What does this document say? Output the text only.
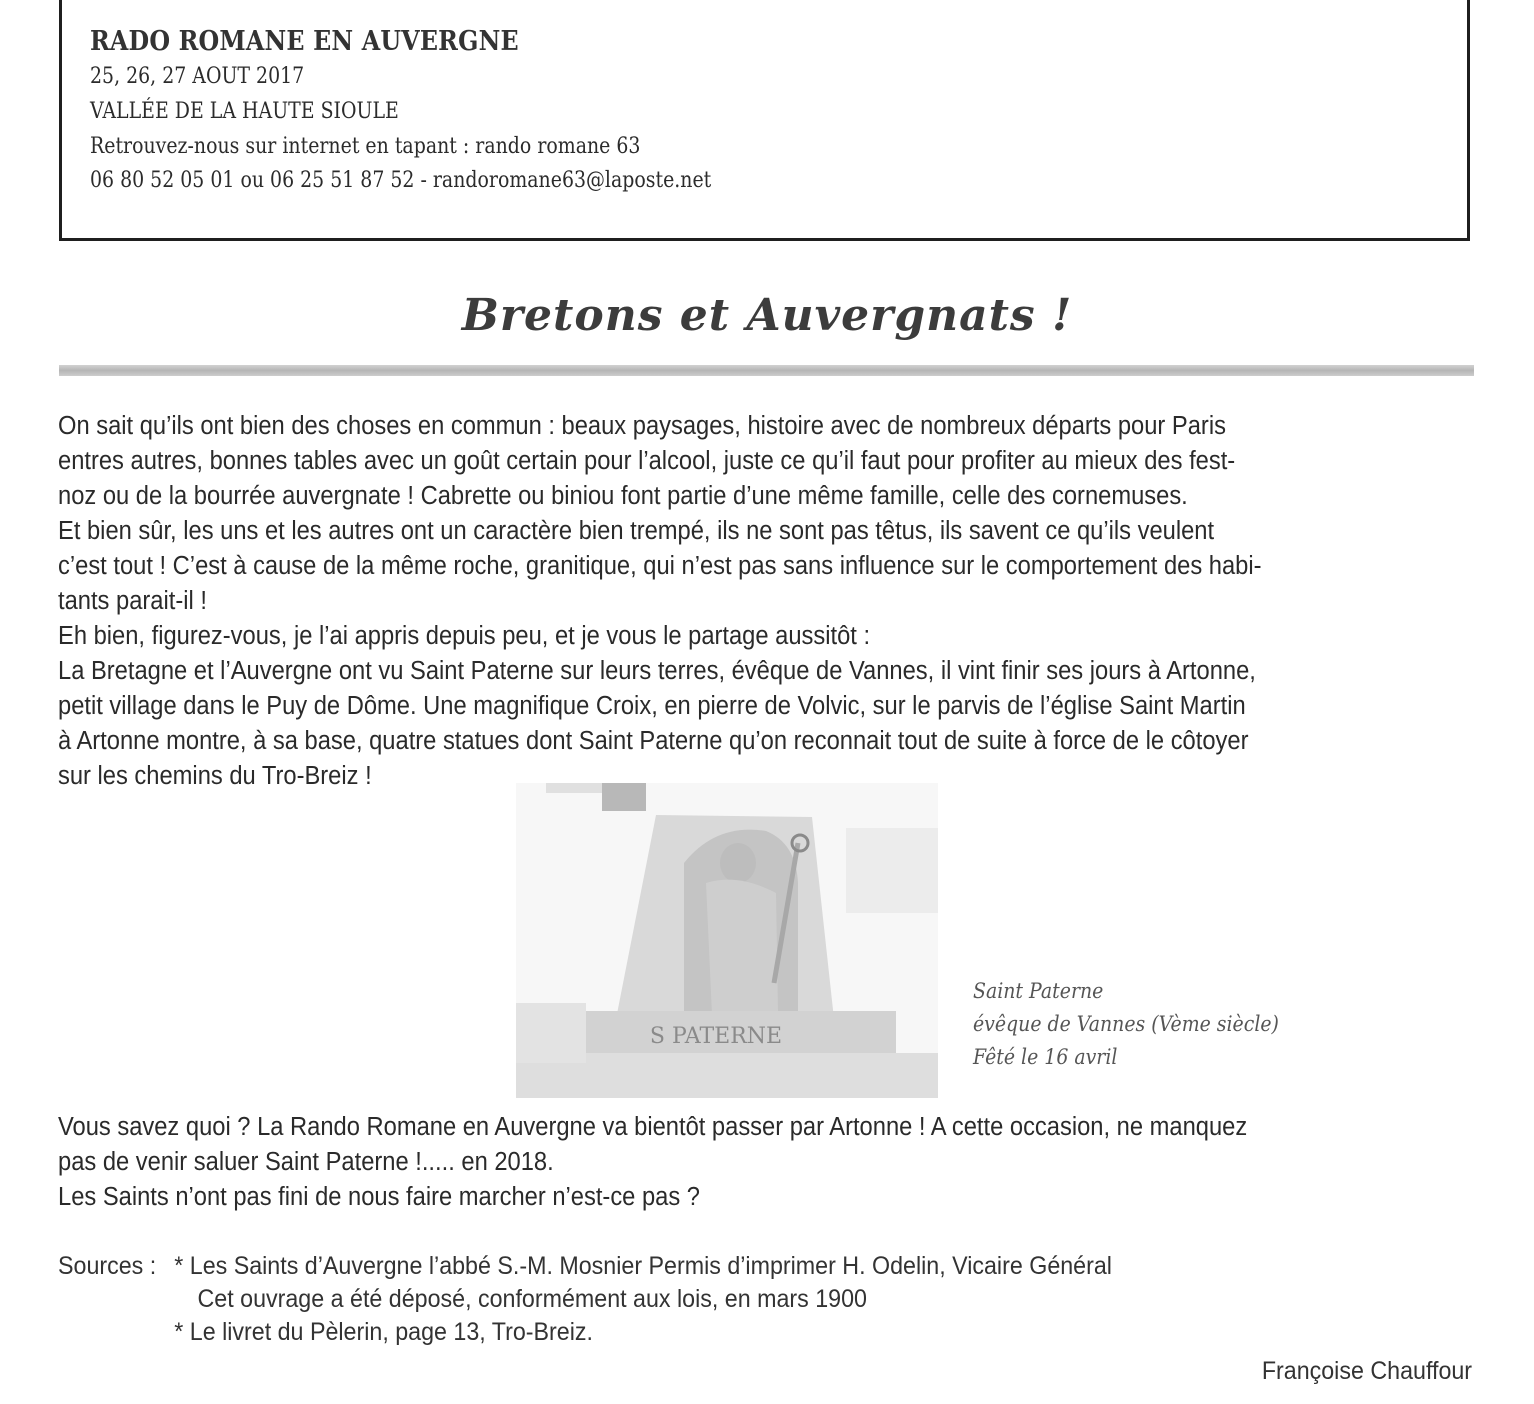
RADO ROMANE EN AUVERGNE
25, 26, 27 AOUT 2017
VALLÉE DE LA HAUTE SIOULE
Retrouvez-nous sur internet en tapant : rando romane 63
06 80 52 05 01 ou 06 25 51 87 52 - randoromane63@laposte.net
Bretons et Auvergnats !
On sait qu’ils ont bien des choses en commun : beaux paysages, histoire avec de nombreux départs pour Paris
entres autres, bonnes tables avec un goût certain pour l’alcool, juste ce qu’il faut pour profiter au mieux des fest-
noz ou de la bourrée auvergnate ! Cabrette ou biniou font partie d’une même famille, celle des cornemuses.
Et bien sûr, les uns et les autres ont un caractère bien trempé, ils ne sont pas têtus, ils savent ce qu’ils veulent
c’est tout ! C’est à cause de la même roche, granitique, qui n’est pas sans influence sur le comportement des habi-
tants parait-il !
Eh bien, figurez-vous, je l’ai appris depuis peu, et je vous le partage aussitôt :
La Bretagne et l’Auvergne ont vu Saint Paterne sur leurs terres, évêque de Vannes, il vint finir ses jours à Artonne,
petit village dans le Puy de Dôme. Une magnifique Croix, en pierre de Volvic, sur le parvis de l’église Saint Martin
à Artonne montre, à sa base, quatre statues dont Saint Paterne qu’on reconnait tout de suite à force de le côtoyer
sur les chemins du Tro-Breiz !
S PATERNE
Saint Paterne
évêque de Vannes (Vème siècle)
Fêté le 16 avril
Vous savez quoi ? La Rando Romane en Auvergne va bientôt passer par Artonne ! A cette occasion, ne manquez
pas de venir saluer Saint Paterne !..... en 2018.
Les Saints n’ont pas fini de nous faire marcher n’est-ce pas ?
Sources : * Les Saints d’Auvergne l’abbé S.-M. Mosnier Permis d’imprimer H. Odelin, Vicaire Général
Cet ouvrage a été déposé, conformément aux lois, en mars 1900
* Le livret du Pèlerin, page 13, Tro-Breiz.
Françoise Chauffour
